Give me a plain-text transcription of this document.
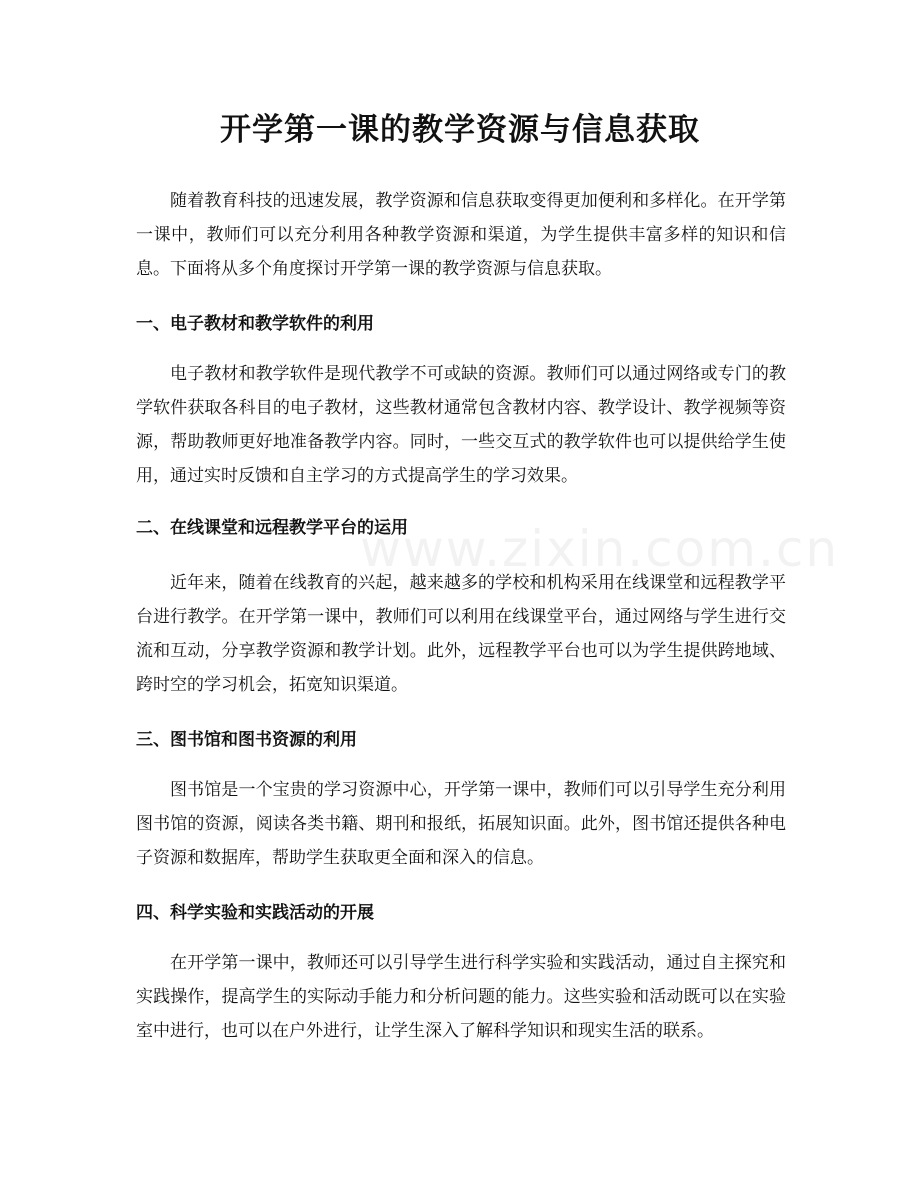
www.zixin.com.cn
开学第一课的教学资源与信息获取

随着教育科技的迅速发展，教学资源和信息获取变得更加便利和多样化。在开学第一课中，教师们可以充分利用各种教学资源和渠道，为学生提供丰富多样的知识和信息。下面将从多个角度探讨开学第一课的教学资源与信息获取。

一、电子教材和教学软件的利用

电子教材和教学软件是现代教学不可或缺的资源。教师们可以通过网络或专门的教学软件获取各科目的电子教材，这些教材通常包含教材内容、教学设计、教学视频等资源，帮助教师更好地准备教学内容。同时，一些交互式的教学软件也可以提供给学生使用，通过实时反馈和自主学习的方式提高学生的学习效果。

二、在线课堂和远程教学平台的运用

近年来，随着在线教育的兴起，越来越多的学校和机构采用在线课堂和远程教学平台进行教学。在开学第一课中，教师们可以利用在线课堂平台，通过网络与学生进行交流和互动，分享教学资源和教学计划。此外，远程教学平台也可以为学生提供跨地域、跨时空的学习机会，拓宽知识渠道。

三、图书馆和图书资源的利用

图书馆是一个宝贵的学习资源中心，开学第一课中，教师们可以引导学生充分利用图书馆的资源，阅读各类书籍、期刊和报纸，拓展知识面。此外，图书馆还提供各种电子资源和数据库，帮助学生获取更全面和深入的信息。

四、科学实验和实践活动的开展

在开学第一课中，教师还可以引导学生进行科学实验和实践活动，通过自主探究和实践操作，提高学生的实际动手能力和分析问题的能力。这些实验和活动既可以在实验室中进行，也可以在户外进行，让学生深入了解科学知识和现实生活的联系。
